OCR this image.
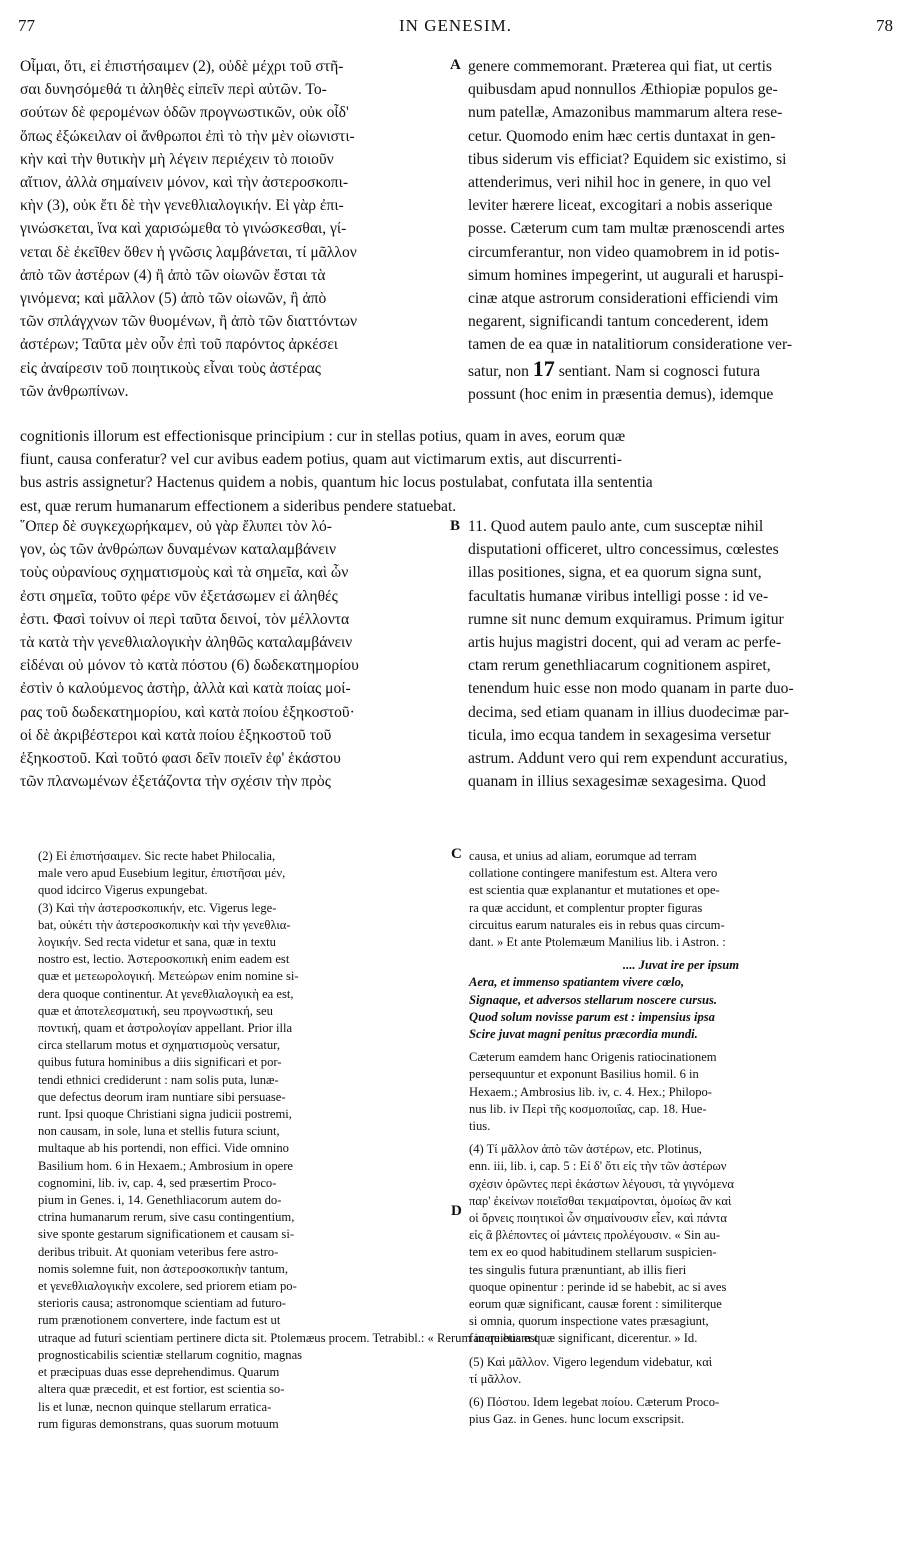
77	IN GENESIM.	78
A
B
C
D
Οἶμαι, ὅτι, εἰ ἐπιστήσαιμεν (2), οὐδὲ μέχρι τοῦ στῆ-
σαι δυνησόμεθά τι ἀληθὲς εἰπεῖν περὶ αὐτῶν. Το-
σούτων δὲ φερομένων ὁδῶν προγνωστικῶν, οὐκ οἶδ'
ὅπως ἐξώκειλαν οἱ ἄνθρωποι ἐπὶ τὸ τὴν μὲν οἰωνιστι-
κὴν καὶ τὴν θυτικὴν μὴ λέγειν περιέχειν τὸ ποιοῦν
αἴτιον, ἀλλὰ σημαίνειν μόνον, καὶ τὴν ἀστεροσκοπι-
κὴν (3), οὐκ ἔτι δὲ τὴν γενεθλιαλογικήν. Εἰ γὰρ ἐπι-
γινώσκεται, ἵνα καὶ χαρισώμεθα τὸ γινώσκεσθαι, γί-
νεται δὲ ἐκεῖθεν ὅθεν ἡ γνῶσις λαμβάνεται, τί μᾶλλον
ἀπὸ τῶν ἀστέρων (4) ἢ ἀπὸ τῶν οἰωνῶν ἔσται τὰ
γινόμενα; καὶ μᾶλλον (5) ἀπὸ τῶν οἰωνῶν, ἢ ἀπὸ
τῶν σπλάγχνων τῶν θυομένων, ἢ ἀπὸ τῶν διαττόντων
ἀστέρων; Ταῦτα μὲν οὖν ἐπὶ τοῦ παρόντος ἀρκέσει
εἰς ἀναίρεσιν τοῦ ποιητικοὺς εἶναι τοὺς ἀστέρας
τῶν ἀνθρωπίνων.
genere commemorant. Præterea qui fiat, ut certis
quibusdam apud nonnullos Æthiopiæ populos ge-
num patellæ, Amazonibus mammarum altera rese-
cetur. Quomodo enim hæc certis duntaxat in gen-
tibus siderum vis efficiat? Equidem sic existimo, si
attenderimus, veri nihil hoc in genere, in quo vel
leviter hærere liceat, excogitari a nobis asserique
posse. Cæterum cum tam multæ prænoscendi artes
circumferantur, non video quamobrem in id potis-
simum homines impegerint, ut augurali et haruspi-
cinæ atque astrorum considerationi efficiendi vim
negarent, significandi tantum concederent, idem
tamen de ea quæ in natalitiorum consideratione ver-
satur, non 17 sentiant. Nam si cognosci futura
possunt (hoc enim in præsentia demus), idemque
cognitionis illorum est effectionisque principium : cur in stellas potius, quam in aves, eorum quæ
fiunt, causa conferatur? vel cur avibus eadem potius, quam aut victimarum extis, aut discurrenti-
bus astris assignetur? Hactenus quidem a nobis, quantum hic locus postulabat, confutata illa sententia
est, quæ rerum humanarum effectionem a sideribus pendere statuebat.
῞Οπερ δὲ συγκεχωρήκαμεν, οὐ γὰρ ἔλυπει τὸν λό-
γον, ὡς τῶν ἀνθρώπων δυναμένων καταλαμβάνειν
τοὺς οὐρανίους σχηματισμοὺς καὶ τὰ σημεῖα, καὶ ὧν
ἐστι σημεῖα, τοῦτο φέρε νῦν ἐξετάσωμεν εἰ ἀληθές
ἐστι. Φασὶ τοίνυν οἱ περὶ ταῦτα δεινοί, τὸν μέλλοντα
τὰ κατὰ τὴν γενεθλιαλογικὴν ἀληθῶς καταλαμβάνειν
εἰδέναι οὐ μόνον τὸ κατὰ πόστου (6) δωδεκατημορίου
ἐστὶν ὁ καλούμενος ἀστὴρ, ἀλλὰ καὶ κατὰ ποίας μοί-
ρας τοῦ δωδεκατημορίου, καὶ κατὰ ποίου ἑξηκοστοῦ·
οἱ δὲ ἀκριβέστεροι καὶ κατὰ ποίου ἑξηκοστοῦ τοῦ
ἑξηκοστοῦ. Καὶ τοῦτό φασι δεῖν ποιεῖν ἐφ' ἑκάστου
τῶν πλανωμένων ἐξετάζοντα τὴν σχέσιν τὴν πρὸς
11. Quod autem paulo ante, cum susceptæ nihil
disputationi officeret, ultro concessimus, cœlestes
illas positiones, signa, et ea quorum signa sunt,
facultatis humanæ viribus intelligi posse : id ve-
rumne sit nunc demum exquiramus. Primum igitur
artis hujus magistri docent, qui ad veram ac perfe-
ctam rerum genethliacarum cognitionem aspiret,
tenendum huic esse non modo quanam in parte duo-
decima, sed etiam quanam in illius duodecimæ par-
ticula, imo ecqua tandem in sexagesima versetur
astrum. Addunt vero qui rem expendunt accuratius,
quanam in illius sexagesimæ sexagesima. Quod
(2) Εἰ ἐπιστήσαιμεν. Sic recte habet Philocalia,
male vero apud Eusebium legitur, ἐπιστῆσαι μέν,
quod idcirco Vigerus expungebat.
(3) Καὶ τὴν ἀστεροσκοπικήν, etc. Vigerus lege-
bat, οὐκέτι τὴν ἀστεροσκοπικὴν καὶ τὴν γενεθλια-
λογικήν. Sed recta videtur et sana, quæ in textu
nostro est, lectio. Ἀστεροσκοπικὴ enim eadem est
quæ et μετεωρολογική. Μετεώρων enim nomine si-
dera quoque continentur. At γενεθλιαλογικὴ ea est,
quæ et ἀποτελεσματική, seu προγνωστική, seu
ποντική, quam et ἀστρολογίαν appellant. Prior illa
circa stellarum motus et σχηματισμοὺς versatur,
quibus futura hominibus a diis significari et por-
tendi ethnici crediderunt : nam solis puta, lunæ-
que defectus deorum iram nuntiare sibi persuase-
runt. Ipsi quoque Christiani signa judicii postremi,
non causam, in sole, luna et stellis futura sciunt,
multaque ab his portendi, non effici. Vide omnino
Basilium hom. 6 in Hexaem.; Ambrosium in opere
cognomini, lib. iv, cap. 4, sed præsertim Proco-
pium in Genes. i, 14. Genethliacorum autem do-
ctrina humanarum rerum, sive casu contingentium,
sive sponte gestarum significationem et causam si-
deribus tribuit. At quoniam veteribus fere astro-
nomis solemne fuit, non ἀστεροσκοπικὴν tantum,
et γενεθλιαλογικὴν excolere, sed priorem etiam po-
sterioris causa; astronomque scientiam ad futuro-
rum prænotionem convertere, inde factum est ut
utraque ad futuri scientiam pertinere dicta sit. Ptolemæus procem. Tetrabibl.: « Rerum in quibus est
prognosticabilis scientiæ stellarum cognitio, magnas
et præcipuas duas esse deprehendimus. Quarum
altera quæ præcedit, et est fortior, est scientia so-
lis et lunæ, necnon quinque stellarum erratica-
rum figuras demonstrans, quas suorum motuum
causa, et unius ad aliam, eorumque ad terram
collatione contingere manifestum est. Altera vero
est scientia quæ explanantur et mutationes et ope-
ra quæ accidunt, et complentur propter figuras
circuitus earum naturales eis in rebus quas circum-
dant. » Et ante Ptolemæum Manilius lib. i Astron. :
.... Juvat ire per ipsum
Aera, et immenso spatiantem vivere cœlo,
Signaque, et adversos stellarum noscere cursus.
Quod solum novisse parum est : impensius ipsa
Scire juvat magni penitus præcordia mundi.
Cæterum eamdem hanc Origenis ratiocinationem
persequuntur et exponunt Basilius homil. 6 in
Hexaem.; Ambrosius lib. iv, c. 4. Hex.; Philopo-
nus lib. iv Περὶ τῆς κοσμοποιΐας, cap. 18. Hue-
tius.
(4) Τί μᾶλλον ἀπὸ τῶν ἀστέρων, etc. Plotinus,
enn. iii, lib. i, cap. 5 : Εἰ δ' ὅτι εἰς τὴν τῶν ἀστέρων
σχέσιν ὁρῶντες περὶ ἑκάστων λέγουσι, τὰ γιγνόμενα
παρ' ἐκείνων ποιεῖσθαι τεκμαίρονται, ὁμοίως ἂν καὶ
οἱ ὄρνεις ποιητικοὶ ὧν σημαίνουσιν εἶεν, καὶ πάντα
εἰς ἃ βλέποντες οἱ μάντεις προλέγουσιν. « Sin au-
tem ex eo quod habitudinem stellarum suspicien-
tes singulis futura prænuntiant, ab illis fieri
quoque opinentur : perinde id se habebit, ac si aves
eorum quæ significant, causæ forent : similiterque
si omnia, quorum inspectione vates præsagiunt,
facere etiam quæ significant, dicerentur. » Id.
(5) Καὶ μᾶλλον. Vigero legendum videbatur, καὶ
τί μᾶλλον.
(6) Πόστου. Idem legebat ποίου. Cæterum Proco-
pius Gaz. in Genes. hunc locum exscripsit.
